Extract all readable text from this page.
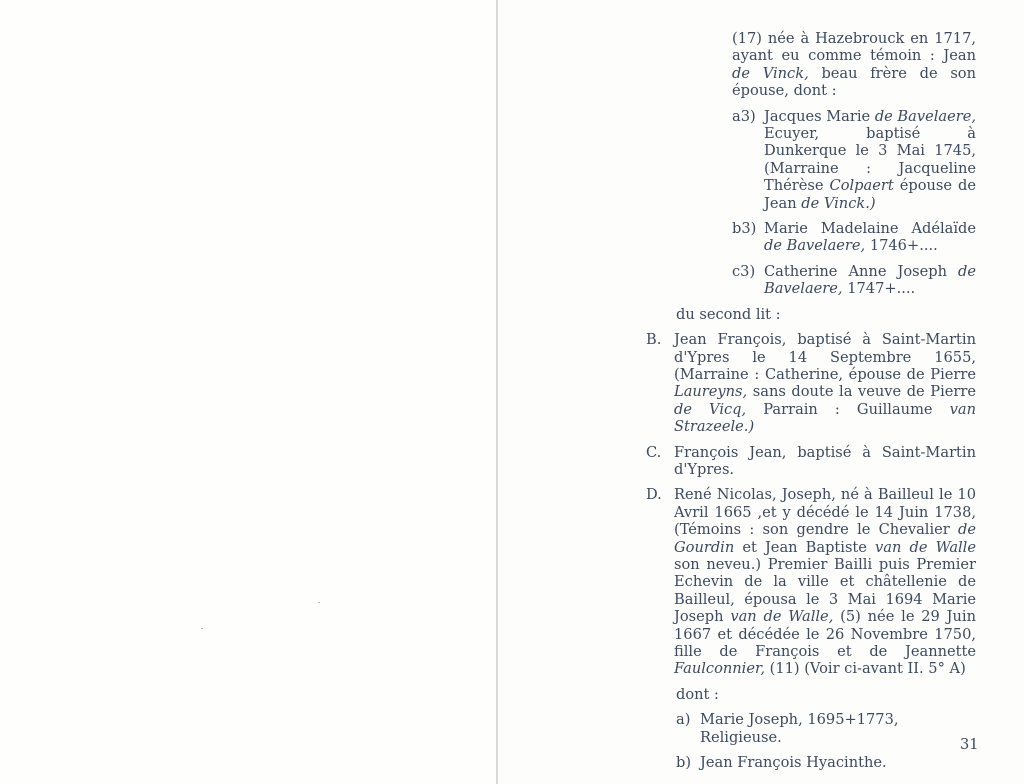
(17) née à Hazebrouck en 1717, ayant eu comme témoin : Jean de Vinck, beau frère de son épouse, dont :
a3) Jacques Marie de Bavelaere, Ecuyer, baptisé à Dunkerque le 3 Mai 1745, (Marraine : Jacqueline Thérèse Colpaert épouse de Jean de Vinck.)
b3) Marie Madelaine Adélaïde de Bavelaere, 1746+....
c3) Catherine Anne Joseph de Bavelaere, 1747+....
du second lit :
B. Jean François, baptisé à Saint-Martin d'Ypres le 14 Septembre 1655, (Marraine : Catherine, épouse de Pierre Laureyns, sans doute la veuve de Pierre de Vicq, Parrain : Guillaume van Strazeele.)
C. François Jean, baptisé à Saint-Martin d'Ypres.
D. René Nicolas, Joseph, né à Bailleul le 10 Avril 1665 ,et y décédé le 14 Juin 1738, (Témoins : son gendre le Chevalier de Gourdin et Jean Baptiste van de Walle son neveu.) Premier Bailli puis Premier Echevin de la ville et châtellenie de Bailleul, épousa le 3 Mai 1694 Marie Joseph van de Walle, (5) née le 29 Juin 1667 et décédée le 26 Novembre 1750, fille de François et de Jeannette Faulconnier, (11) (Voir ci-avant II. 5° A)
dont :
a) Marie Joseph, 1695+1773, Religieuse.
b) Jean François Hyacinthe.
31
